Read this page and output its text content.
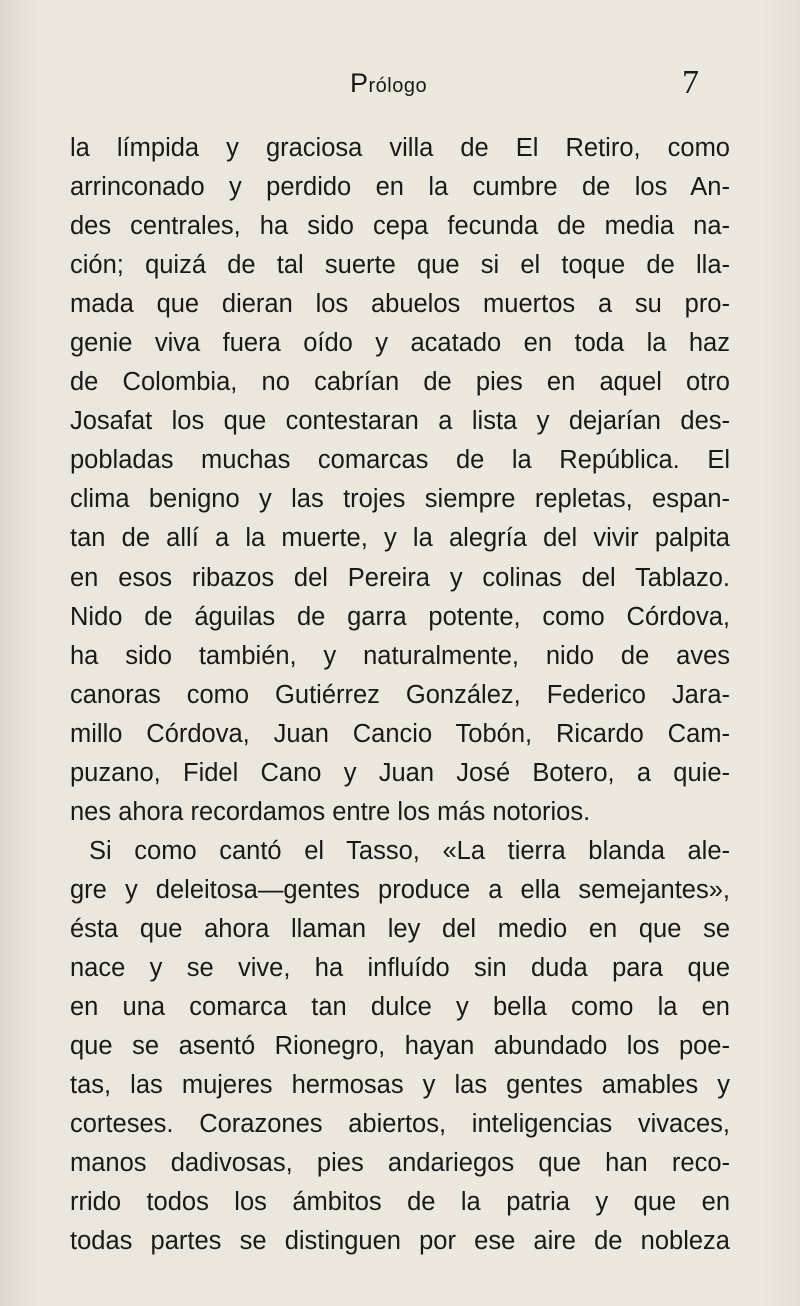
Prólogo	7
la límpida y graciosa villa de El Retiro, como
arrinconado y perdido en la cumbre de los An-
des centrales, ha sido cepa fecunda de media na-
ción; quizá de tal suerte que si el toque de lla-
mada que dieran los abuelos muertos a su pro-
genie viva fuera oído y acatado en toda la haz
de Colombia, no cabrían de pies en aquel otro
Josafat los que contestaran a lista y dejarían des-
pobladas muchas comarcas de la República. El
clima benigno y las trojes siempre repletas, espan-
tan de allí a la muerte, y la alegría del vivir palpita
en esos ribazos del Pereira y colinas del Tablazo.
Nido de águilas de garra potente, como Córdova,
ha sido también, y naturalmente, nido de aves
canoras como Gutiérrez González, Federico Jara-
millo Córdova, Juan Cancio Tobón, Ricardo Cam-
puzano, Fidel Cano y Juan José Botero, a quie-
nes ahora recordamos entre los más notorios.
Si como cantó el Tasso, «La tierra blanda ale-
gre y deleitosa—gentes produce a ella semejantes»,
ésta que ahora llaman ley del medio en que se
nace y se vive, ha influído sin duda para que
en una comarca tan dulce y bella como la en
que se asentó Rionegro, hayan abundado los poe-
tas, las mujeres hermosas y las gentes amables y
corteses. Corazones abiertos, inteligencias vivaces,
manos dadivosas, pies andariegos que han reco-
rrido todos los ámbitos de la patria y que en
todas partes se distinguen por ese aire de nobleza
